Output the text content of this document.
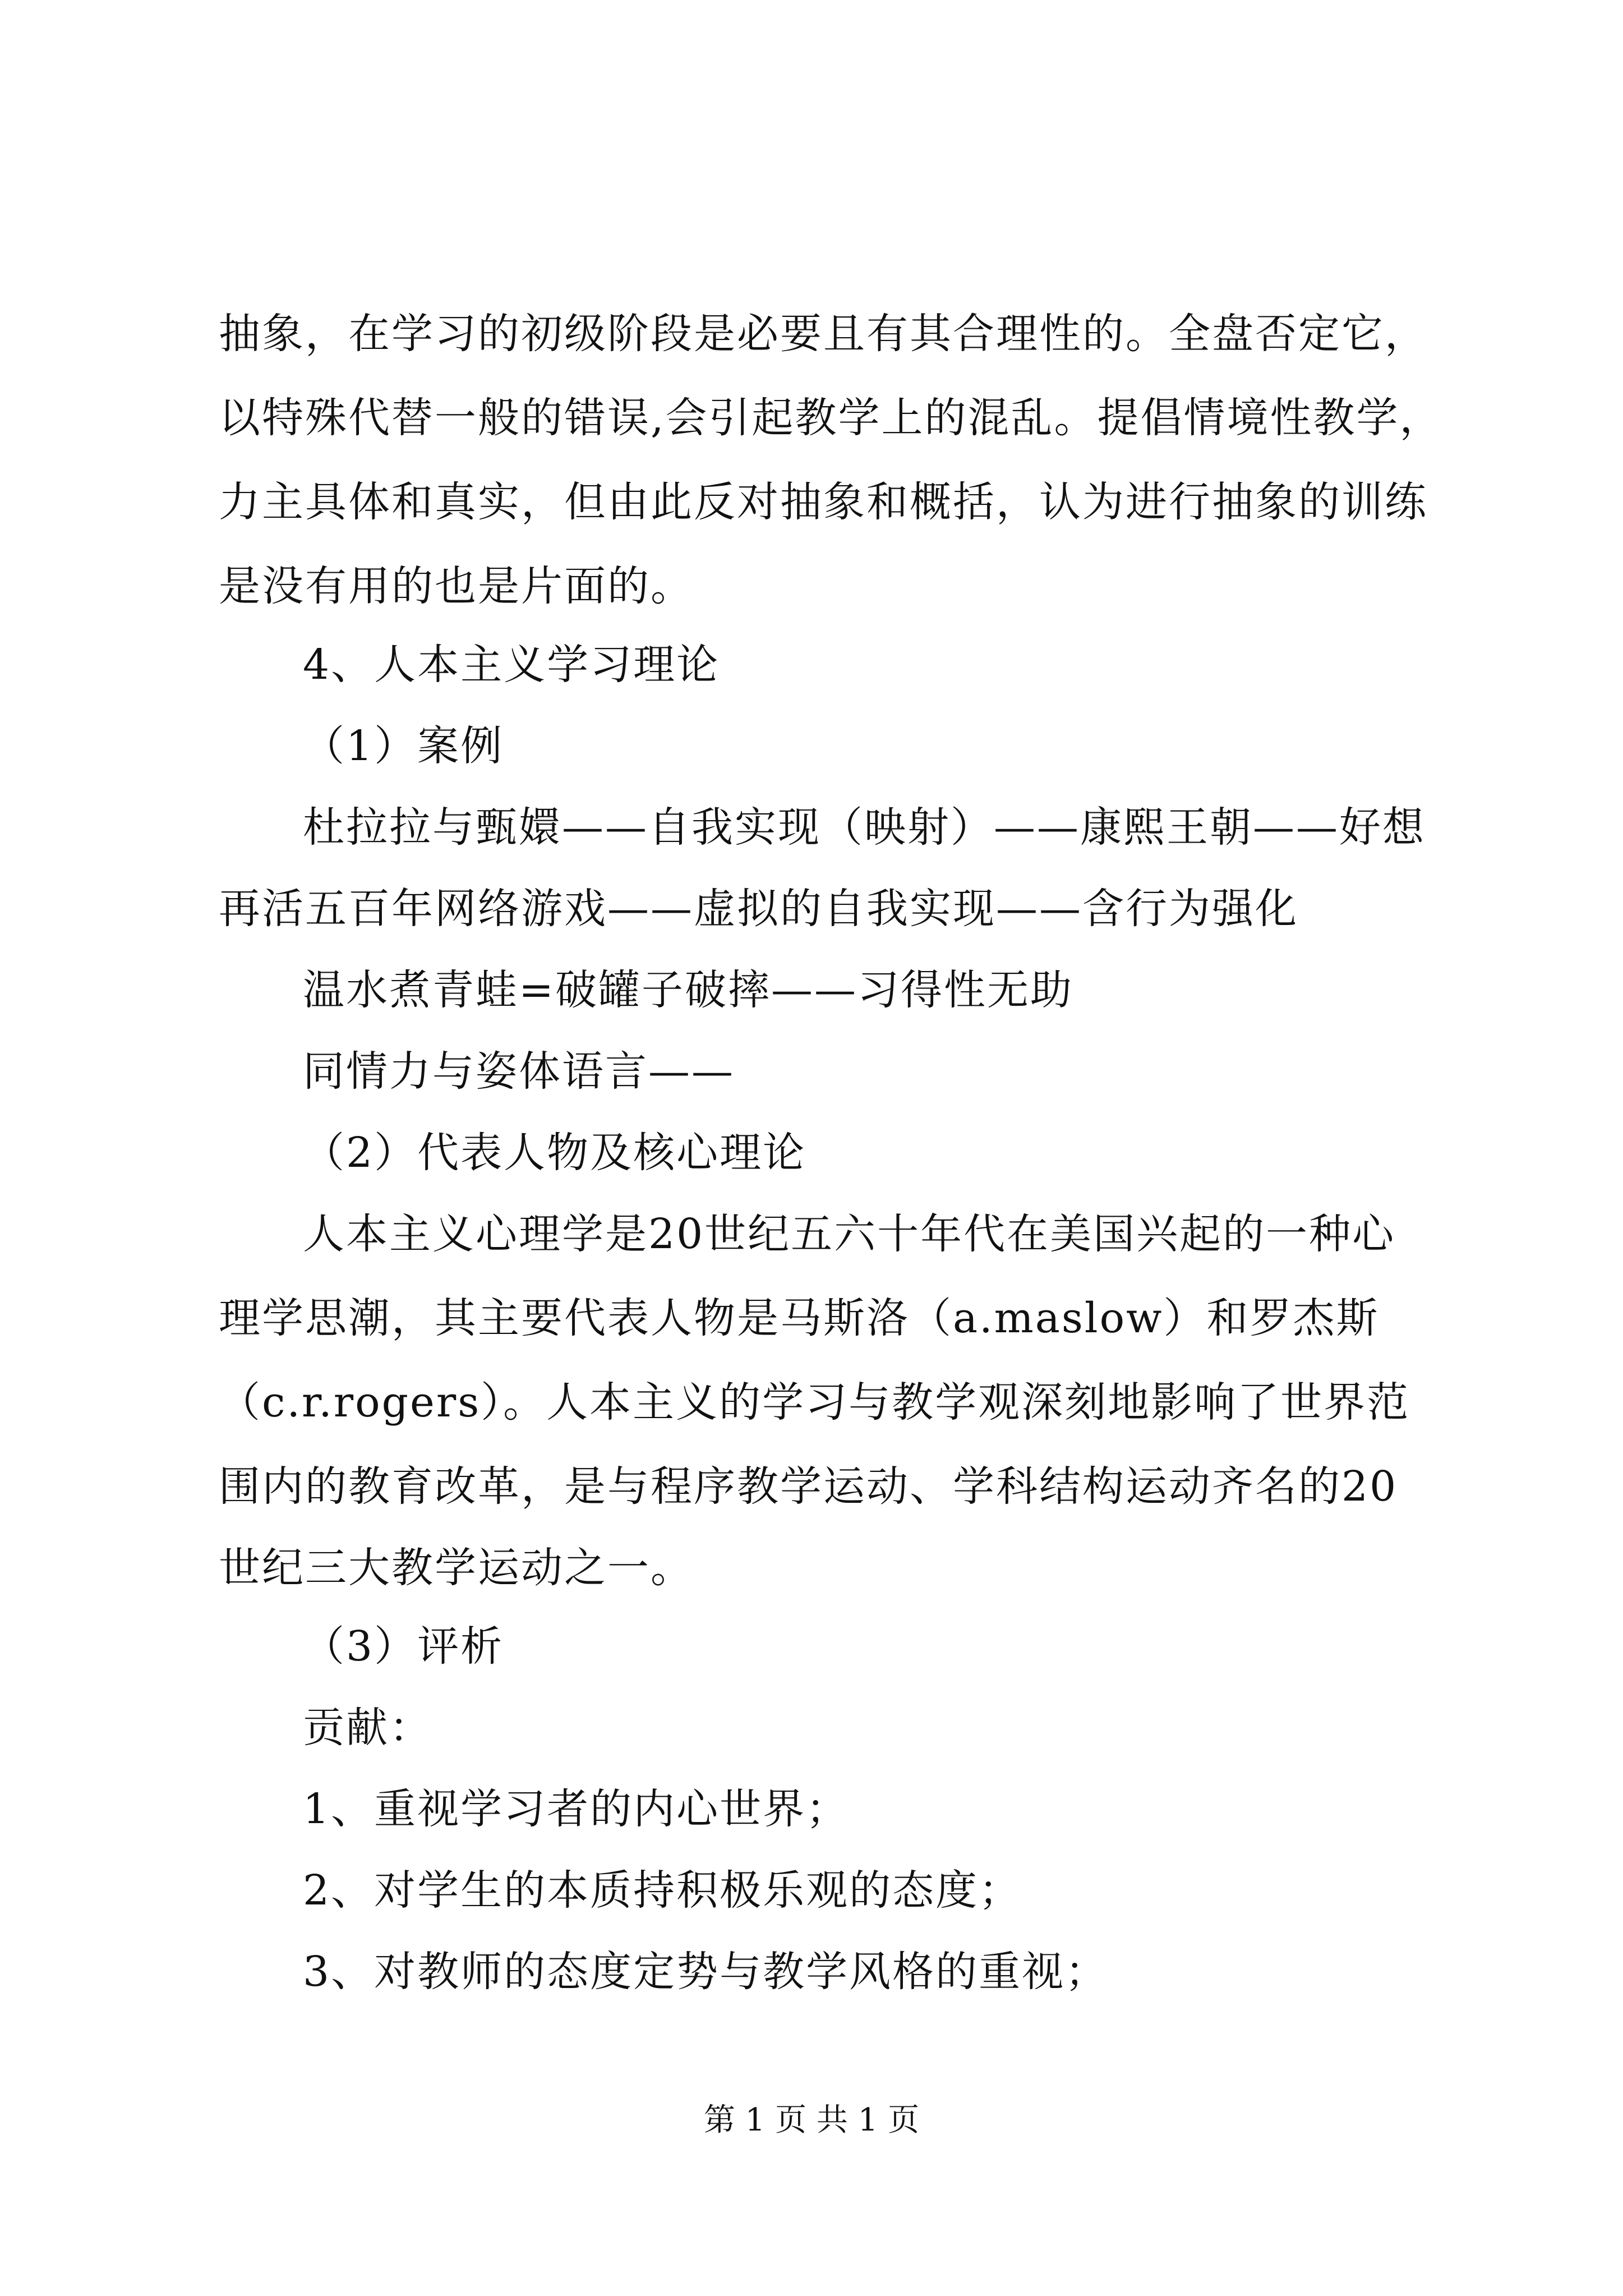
抽象，在学习的初级阶段是必要且有其合理性的。全盘否定它，
以特殊代替一般的错误,会引起教学上的混乱。提倡情境性教学，
力主具体和真实，但由此反对抽象和概括，认为进行抽象的训练
是没有用的也是片面的。
4、人本主义学习理论
（1）案例
杜拉拉与甄嬛——自我实现（映射）——康熙王朝——好想
再活五百年网络游戏——虚拟的自我实现——含行为强化
温水煮青蛙=破罐子破摔——习得性无助
同情力与姿体语言——
（2）代表人物及核心理论
人本主义心理学是20世纪五六十年代在美国兴起的一种心
理学思潮，其主要代表人物是马斯洛（a.maslow）和罗杰斯
（c.r.rogers）。人本主义的学习与教学观深刻地影响了世界范
围内的教育改革，是与程序教学运动、学科结构运动齐名的20
世纪三大教学运动之一。
（3）评析
贡献：
1、重视学习者的内心世界；
2、对学生的本质持积极乐观的态度；
3、对教师的态度定势与教学风格的重视；
第 1 页 共 1 页
